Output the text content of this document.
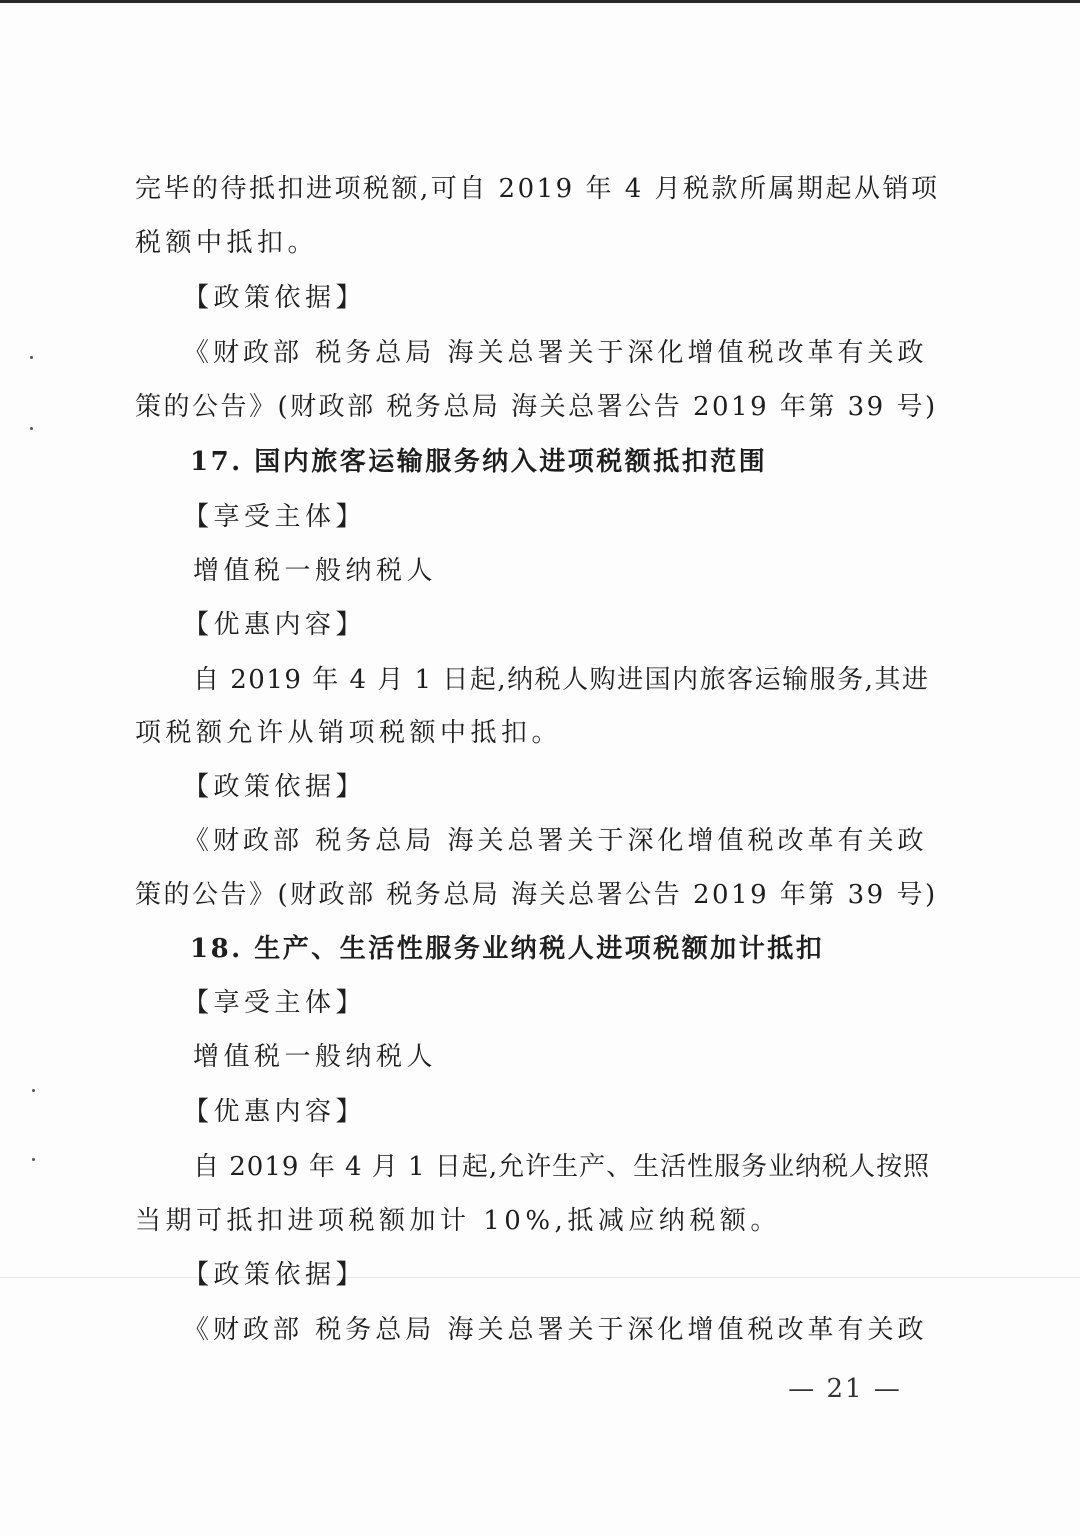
完毕的待抵扣进项税额,可自 2019 年 4 月税款所属期起从销项
税额中抵扣。
【政策依据】
《财政部 税务总局 海关总署关于深化增值税改革有关政
策的公告》(财政部 税务总局 海关总署公告 2019 年第 39 号)
17. 国内旅客运输服务纳入进项税额抵扣范围
【享受主体】
增值税一般纳税人
【优惠内容】
自 2019 年 4 月 1 日起,纳税人购进国内旅客运输服务,其进
项税额允许从销项税额中抵扣。
【政策依据】
《财政部 税务总局 海关总署关于深化增值税改革有关政
策的公告》(财政部 税务总局 海关总署公告 2019 年第 39 号)
18. 生产、生活性服务业纳税人进项税额加计抵扣
【享受主体】
增值税一般纳税人
【优惠内容】
自 2019 年 4 月 1 日起,允许生产、生活性服务业纳税人按照
当期可抵扣进项税额加计 10%,抵减应纳税额。
【政策依据】
《财政部 税务总局 海关总署关于深化增值税改革有关政
— 21 —
